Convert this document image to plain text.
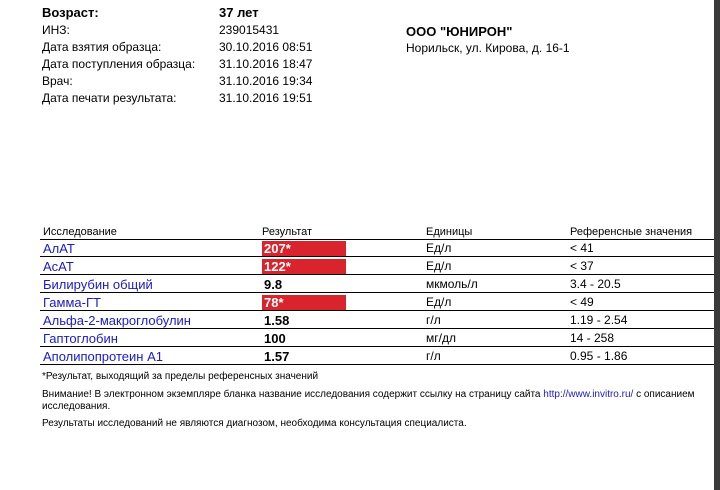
Возраст:	37 лет
ИНЗ:	239015431
Дата взятия образца:	30.10.2016 08:51
Дата поступления образца: 31.10.2016 18:47
Врач:	31.10.2016 19:34
Дата печати результата:	31.10.2016 19:51
ООО "ЮНИРОН"
Норильск, ул. Кирова, д. 16-1
Исследование	Результат	Единицы	Референсные значения
АлАТ	207*	Ед/л	< 41
АсАТ	122*	Ед/л	< 37
Билирубин общий	9.8	мкмоль/л	3.4 - 20.5
Гамма-ГТ	78*	Ед/л	< 49
Альфа-2-макроглобулин	1.58	г/л	1.19 - 2.54
Гаптоглобин	100	мг/дл	14 - 258
Аполипопротеин А1	1.57	г/л	0.95 - 1.86
*Результат, выходящий за пределы референсных значений
Внимание! В электронном экземпляре бланка название исследования содержит ссылку на страницу сайта http://www.invitro.ru/ с описанием
исследования.
Результаты исследований не являются диагнозом, необходима консультация специалиста.
